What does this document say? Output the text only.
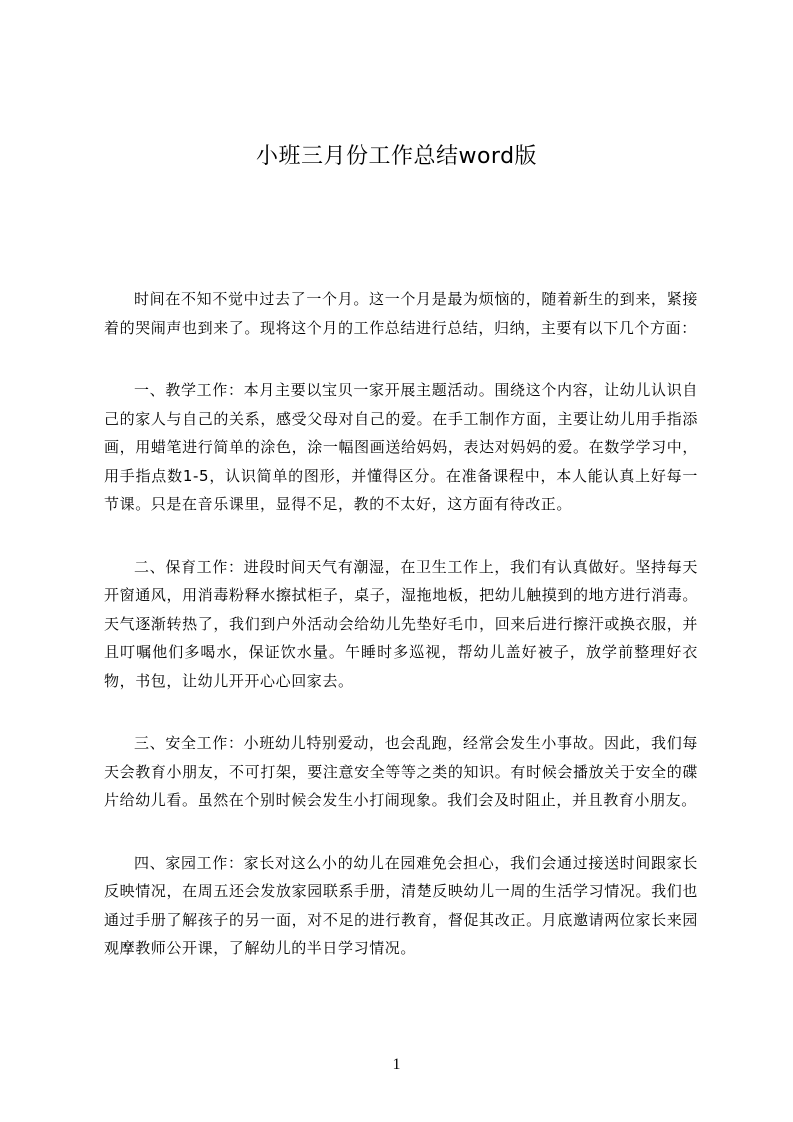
小班三月份工作总结word版

时间在不知不觉中过去了一个月。这一个月是最为烦恼的，随着新生的到来，紧接着的哭闹声也到来了。现将这个月的工作总结进行总结，归纳，主要有以下几个方面：

一、教学工作：本月主要以宝贝一家开展主题活动。围绕这个内容，让幼儿认识自己的家人与自己的关系，感受父母对自己的爱。在手工制作方面，主要让幼儿用手指添画，用蜡笔进行简单的涂色，涂一幅图画送给妈妈，表达对妈妈的爱。在数学学习中，用手指点数1-5，认识简单的图形，并懂得区分。在准备课程中，本人能认真上好每一节课。只是在音乐课里，显得不足，教的不太好，这方面有待改正。

二、保育工作：进段时间天气有潮湿，在卫生工作上，我们有认真做好。坚持每天开窗通风，用消毒粉释水擦拭柜子，桌子，湿拖地板，把幼儿触摸到的地方进行消毒。天气逐渐转热了，我们到户外活动会给幼儿先垫好毛巾，回来后进行擦汗或换衣服，并且叮嘱他们多喝水，保证饮水量。午睡时多巡视，帮幼儿盖好被子，放学前整理好衣物，书包，让幼儿开开心心回家去。

三、安全工作：小班幼儿特别爱动，也会乱跑，经常会发生小事故。因此，我们每天会教育小朋友，不可打架，要注意安全等等之类的知识。有时候会播放关于安全的碟片给幼儿看。虽然在个别时候会发生小打闹现象。我们会及时阻止，并且教育小朋友。

四、家园工作：家长对这么小的幼儿在园难免会担心，我们会通过接送时间跟家长反映情况，在周五还会发放家园联系手册，清楚反映幼儿一周的生活学习情况。我们也通过手册了解孩子的另一面，对不足的进行教育，督促其改正。月底邀请两位家长来园观摩教师公开课，了解幼儿的半日学习情况。

1
